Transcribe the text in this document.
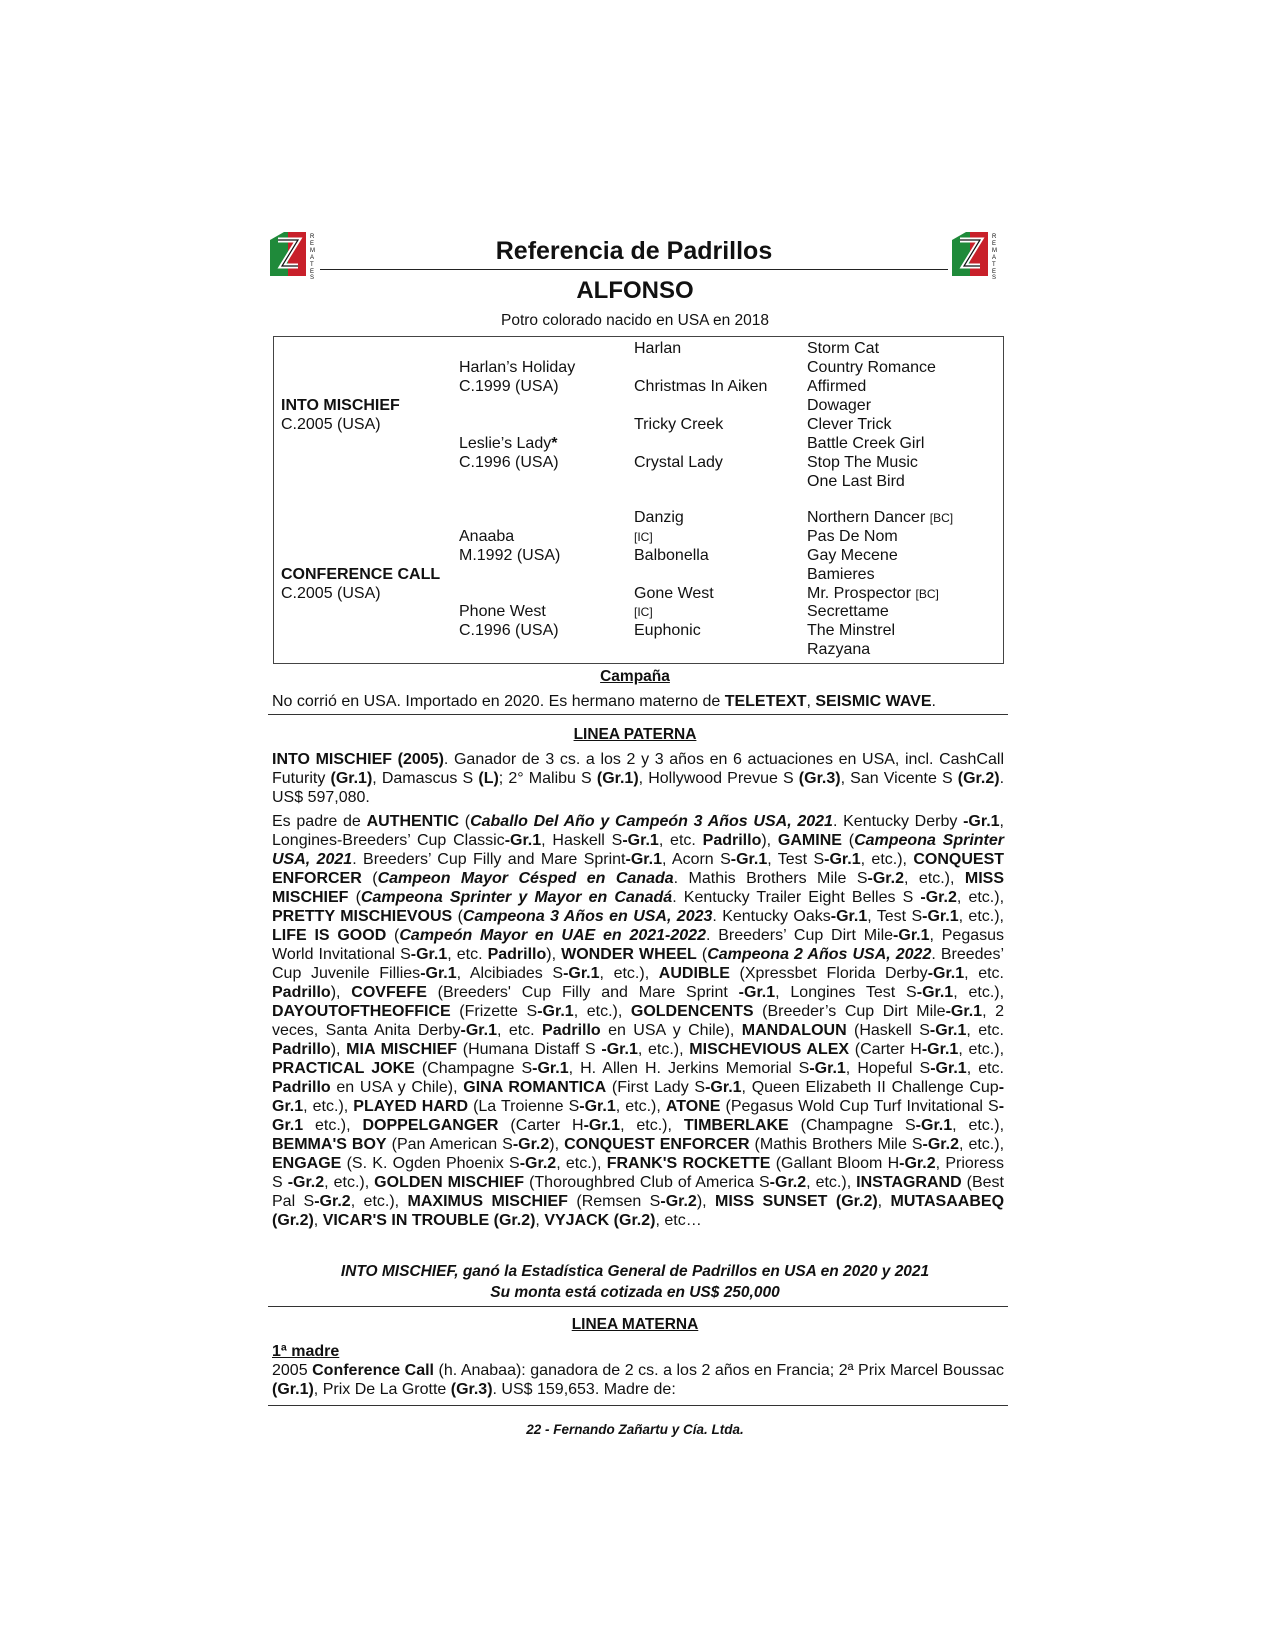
R
E
M
A
T
E
S
R
E
M
A
T
E
S
Referencia de Padrillos
ALFONSO
Potro colorado nacido en USA en 2018
INTO MISCHIEF
C.2005 (USA)
CONFERENCE CALL
C.2005 (USA)
Harlan’s Holiday
C.1999 (USA)
Leslie’s Lady*
C.1996 (USA)
Anaaba
M.1992 (USA)
Phone West
C.1996 (USA)
Harlan
Christmas In Aiken
Tricky Creek
Crystal Lady
Danzig
[IC]
Balbonella
Gone West
[IC]
Euphonic
Storm Cat
Country Romance
Affirmed
Dowager
Clever Trick
Battle Creek Girl
Stop The Music
One Last Bird
Northern Dancer [BC]
Pas De Nom
Gay Mecene
Bamieres
Mr. Prospector [BC]
Secrettame
The Minstrel
Razyana
Campaña
No corrió en USA. Importado en 2020. Es hermano materno de TELETEXT, SEISMIC WAVE.
LINEA PATERNA
INTO MISCHIEF (2005). Ganador de 3 cs. a los 2 y 3 años en 6 actuaciones en USA, incl. CashCall Futurity (Gr.1), Damascus S (L); 2° Malibu S (Gr.1), Hollywood Prevue S (Gr.3), San Vicente S (Gr.2). US$ 597,080.
Es padre de AUTHENTIC (Caballo Del Año y Campeón 3 Años USA, 2021. Kentucky Derby -Gr.1, Longines-Breeders’ Cup Classic-Gr.1, Haskell S-Gr.1, etc. Padrillo), GAMINE (Campeona Sprinter USA, 2021. Breeders’ Cup Filly and Mare Sprint-Gr.1, Acorn S-Gr.1, Test S-Gr.1, etc.), CONQUEST ENFORCER (Campeon Mayor Césped en Canada. Mathis Brothers Mile S-Gr.2, etc.), MISS MISCHIEF (Campeona Sprinter y Mayor en Canadá. Kentucky Trailer Eight Belles S -Gr.2, etc.), PRETTY MISCHIEVOUS (Campeona 3 Años en USA, 2023. Kentucky Oaks-Gr.1, Test S-Gr.1, etc.), LIFE IS GOOD (Campeón Mayor en UAE en 2021-2022. Breeders’ Cup Dirt Mile-Gr.1, Pegasus World Invitational S-Gr.1, etc. Padrillo), WONDER WHEEL (Campeona 2 Años USA, 2022. Breedes’ Cup Juvenile Fillies-Gr.1, Alcibiades S-Gr.1, etc.), AUDIBLE (Xpressbet Florida Derby-Gr.1, etc. Padrillo), COVFEFE (Breeders' Cup Filly and Mare Sprint -Gr.1, Longines Test S-Gr.1, etc.), DAYOUTOFTHEOFFICE (Frizette S-Gr.1, etc.), GOLDENCENTS (Breeder’s Cup Dirt Mile-Gr.1, 2 veces, Santa Anita Derby-Gr.1, etc. Padrillo en USA y Chile), MANDALOUN (Haskell S-Gr.1, etc. Padrillo), MIA MISCHIEF (Humana Distaff S -Gr.1, etc.), MISCHEVIOUS ALEX (Carter H-Gr.1, etc.), PRACTICAL JOKE (Champagne S-Gr.1, H. Allen H. Jerkins Memorial S-Gr.1, Hopeful S-Gr.1, etc. Padrillo en USA y Chile), GINA ROMANTICA (First Lady S-Gr.1, Queen Elizabeth II Challenge Cup-Gr.1, etc.), PLAYED HARD (La Troienne S-Gr.1, etc.), ATONE (Pegasus Wold Cup Turf Invitational S-Gr.1 etc.), DOPPELGANGER (Carter H-Gr.1, etc.), TIMBERLAKE (Champagne S-Gr.1, etc.), BEMMA'S BOY (Pan American S-Gr.2), CONQUEST ENFORCER (Mathis Brothers Mile S-Gr.2, etc.), ENGAGE (S. K. Ogden Phoenix S-Gr.2, etc.), FRANK'S ROCKETTE (Gallant Bloom H-Gr.2, Prioress S -Gr.2, etc.), GOLDEN MISCHIEF (Thoroughbred Club of America S-Gr.2, etc.), INSTAGRAND (Best Pal S-Gr.2, etc.), MAXIMUS MISCHIEF (Remsen S-Gr.2), MISS SUNSET (Gr.2), MUTASAABEQ (Gr.2), VICAR'S IN TROUBLE (Gr.2), VYJACK (Gr.2), etc…
INTO MISCHIEF, ganó la Estadística General de Padrillos en USA en 2020 y 2021
Su monta está cotizada en US$ 250,000
LINEA MATERNA
1ª madre
2005 Conference Call (h. Anabaa): ganadora de 2 cs. a los 2 años en Francia; 2ª Prix Marcel Boussac (Gr.1), Prix De La Grotte (Gr.3). US$ 159,653. Madre de:
22 - Fernando Zañartu y Cía. Ltda.
